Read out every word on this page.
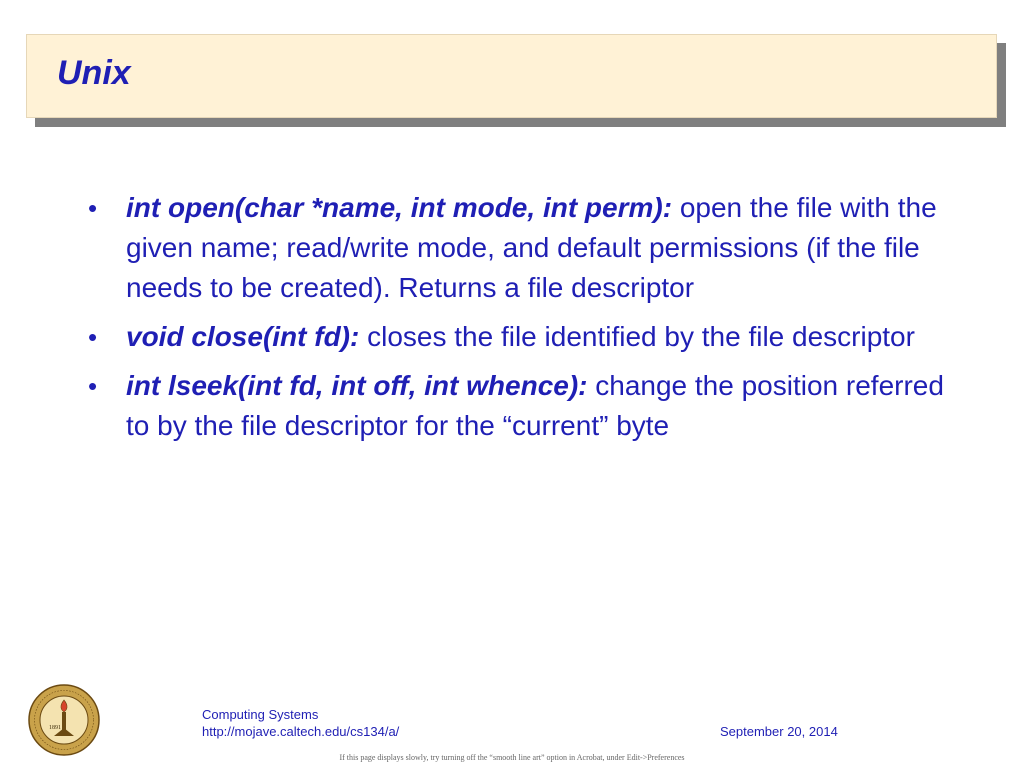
Unix
• int open(char *name, int mode, int perm): open the file with the given name; read/write mode, and default permissions (if the file needs to be created). Returns a file descriptor
• void close(int fd): closes the file identified by the file descriptor
• int lseek(int fd, int off, int whence): change the position referred to by the file descriptor for the “current” byte
1891
Computing Systems
http://mojave.caltech.edu/cs134/a/	September 20, 2014
If this page displays slowly, try turning off the “smooth line art” option in Acrobat, under Edit->Preferences
